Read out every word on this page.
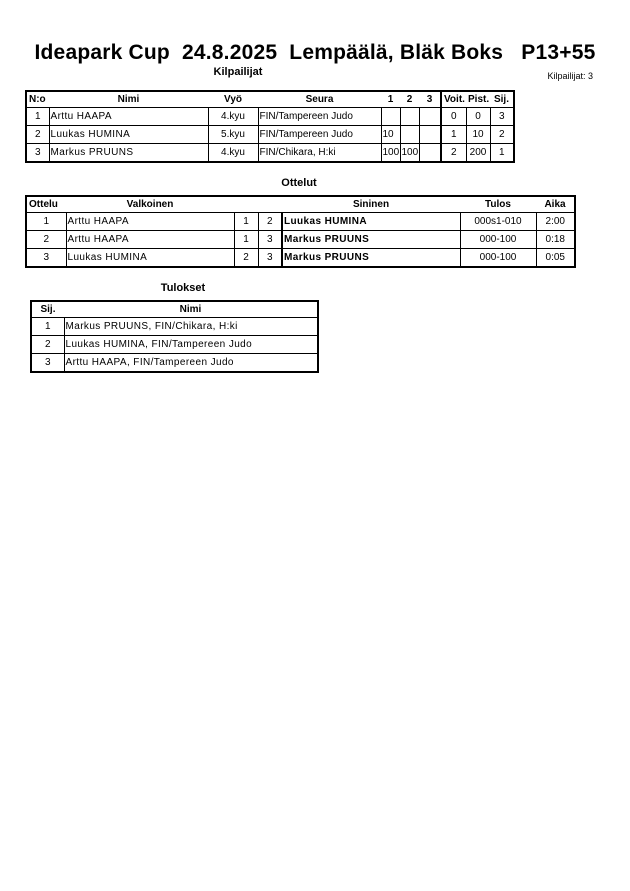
Ideapark Cup  24.8.2025  Lempäälä, Bläk Boks   P13+55
Kilpailijat	Kilpailijat: 3
N:o	Nimi	Vyö	Seura	1	2	3	Voit.	Pist.	Sij.
1	Arttu HAAPA	4.kyu	FIN/Tampereen Judo				0	0	3
2	Luukas HUMINA	5.kyu	FIN/Tampereen Judo	10			1	10	2
3	Markus PRUUNS	4.kyu	FIN/Chikara, H:ki	100	100		2	200	1
Ottelut
Ottelu	Valkoinen			Sininen	Tulos	Aika
1	Arttu HAAPA	1	2	Luukas HUMINA	000s1-010	2:00
2	Arttu HAAPA	1	3	Markus PRUUNS	000-100	0:18
3	Luukas HUMINA	2	3	Markus PRUUNS	000-100	0:05
Tulokset
Sij.	Nimi
1	Markus PRUUNS, FIN/Chikara, H:ki
2	Luukas HUMINA, FIN/Tampereen Judo
3	Arttu HAAPA, FIN/Tampereen Judo
